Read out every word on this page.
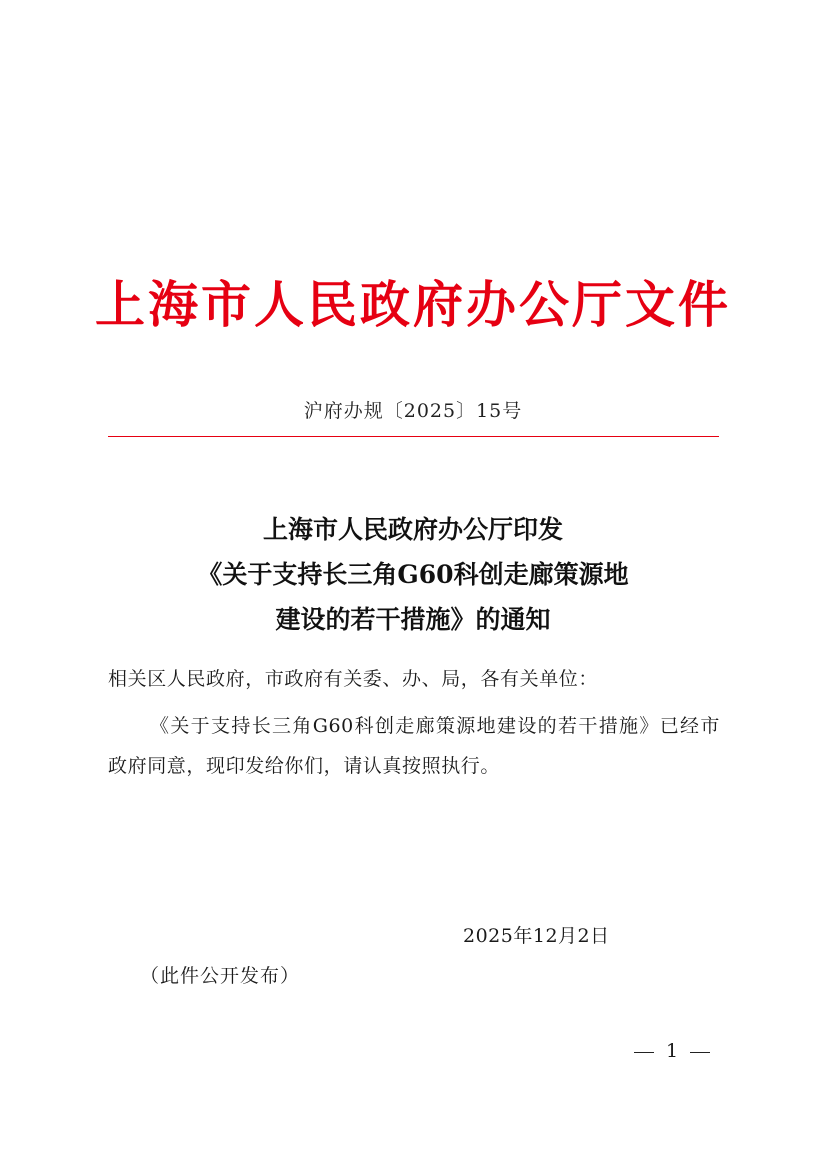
上海市人民政府办公厅文件
沪府办规〔2025〕15号
上海市人民政府办公厅印发
《关于支持长三角G60科创走廊策源地
建设的若干措施》的通知
相关区人民政府，市政府有关委、办、局，各有关单位：

《关于支持长三角G60科创走廊策源地建设的若干措施》已经市政府同意，现印发给你们，请认真按照执行。

2025年12月2日
（此件公开发布）
1
